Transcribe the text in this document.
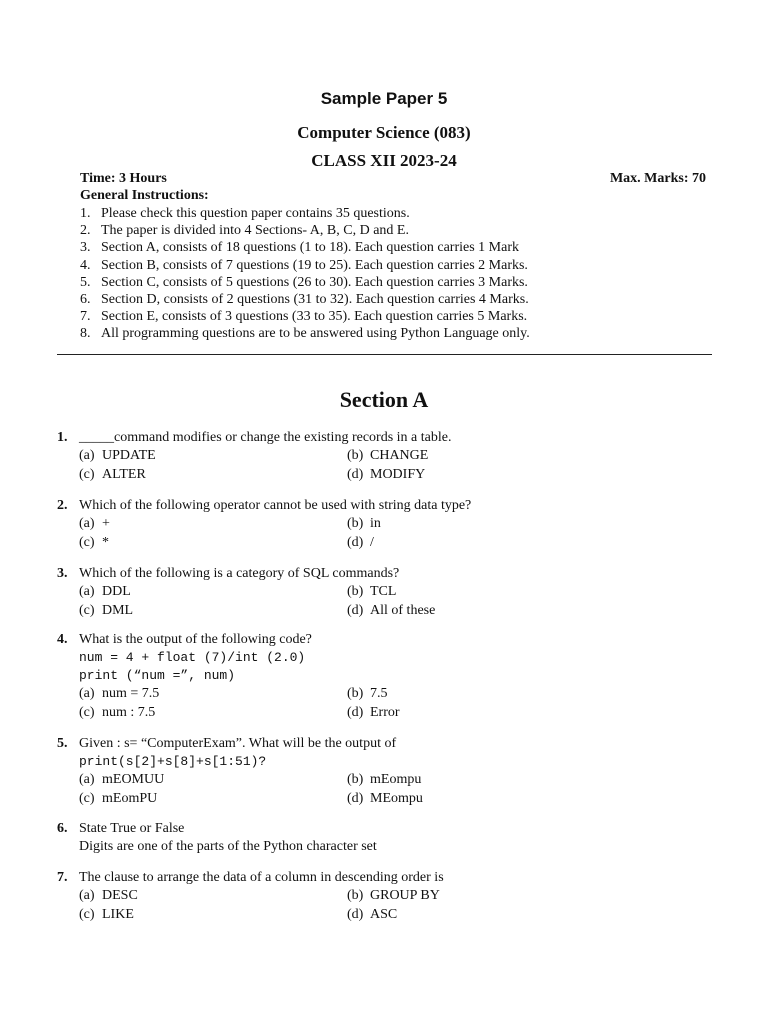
Sample Paper 5
Computer Science (083)
CLASS XII 2023-24
Time: 3 Hours	Max. Marks: 70
General Instructions:
1. Please check this question paper contains 35 questions.
2. The paper is divided into 4 Sections- A, B, C, D and E.
3. Section A, consists of 18 questions (1 to 18). Each question carries 1 Mark
4. Section B, consists of 7 questions (19 to 25). Each question carries 2 Marks.
5. Section C, consists of 5 questions (26 to 30). Each question carries 3 Marks.
6. Section D, consists of 2 questions (31 to 32). Each question carries 4 Marks.
7. Section E, consists of 3 questions (33 to 35). Each question carries 5 Marks.
8. All programming questions are to be answered using Python Language only.
Section A
1. _____command modifies or change the existing records in a table.
(a) UPDATE	(b) CHANGE
(c) ALTER	(d) MODIFY
2. Which of the following operator cannot be used with string data type?
(a) +	(b) in
(c) *	(d) /
3. Which of the following is a category of SQL commands?
(a) DDL	(b) TCL
(c) DML	(d) All of these
4. What is the output of the following code?
num = 4 + float (7)/int (2.0)
print (“num =”, num)
(a) num = 7.5	(b) 7.5
(c) num : 7.5	(d) Error
5. Given : s= “ComputerExam”. What will be the output of
print(s[2]+s[8]+s[1:51)?
(a) mEOMUU	(b) mEompu
(c) mEomPU	(d) MEompu
6. State True or False
Digits are one of the parts of the Python character set
7. The clause to arrange the data of a column in descending order is
(a) DESC	(b) GROUP BY
(c) LIKE	(d) ASC
